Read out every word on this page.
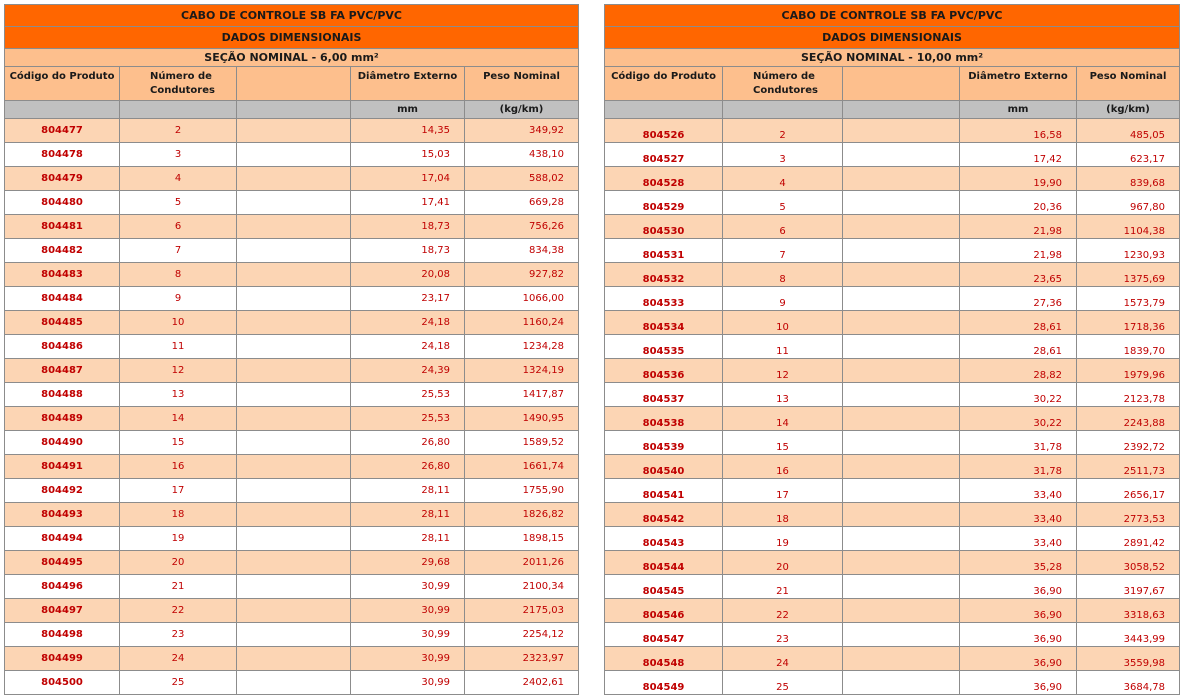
CABO DE CONTROLE SB FA PVC/PVC				
DADOS DIMENSIONAIS				
SEÇÃO NOMINAL - 6,00 mm²				
Código do Produto	Número de
Condutores		Diâmetro Externo	Peso Nominal
			mm	(kg/km)
804477	2		14,35	349,92
804478	3		15,03	438,10
804479	4		17,04	588,02
804480	5		17,41	669,28
804481	6		18,73	756,26
804482	7		18,73	834,38
804483	8		20,08	927,82
804484	9		23,17	1066,00
804485	10		24,18	1160,24
804486	11		24,18	1234,28
804487	12		24,39	1324,19
804488	13		25,53	1417,87
804489	14		25,53	1490,95
804490	15		26,80	1589,52
804491	16		26,80	1661,74
804492	17		28,11	1755,90
804493	18		28,11	1826,82
804494	19		28,11	1898,15
804495	20		29,68	2011,26
804496	21		30,99	2100,34
804497	22		30,99	2175,03
804498	23		30,99	2254,12
804499	24		30,99	2323,97
804500	25		30,99	2402,61
CABO DE CONTROLE SB FA PVC/PVC				
DADOS DIMENSIONAIS				
SEÇÃO NOMINAL - 10,00 mm²				
Código do Produto	Número de
Condutores		Diâmetro Externo	Peso Nominal
			mm	(kg/km)
804526	2		16,58	485,05
804527	3		17,42	623,17
804528	4		19,90	839,68
804529	5		20,36	967,80
804530	6		21,98	1104,38
804531	7		21,98	1230,93
804532	8		23,65	1375,69
804533	9		27,36	1573,79
804534	10		28,61	1718,36
804535	11		28,61	1839,70
804536	12		28,82	1979,96
804537	13		30,22	2123,78
804538	14		30,22	2243,88
804539	15		31,78	2392,72
804540	16		31,78	2511,73
804541	17		33,40	2656,17
804542	18		33,40	2773,53
804543	19		33,40	2891,42
804544	20		35,28	3058,52
804545	21		36,90	3197,67
804546	22		36,90	3318,63
804547	23		36,90	3443,99
804548	24		36,90	3559,98
804549	25		36,90	3684,78
